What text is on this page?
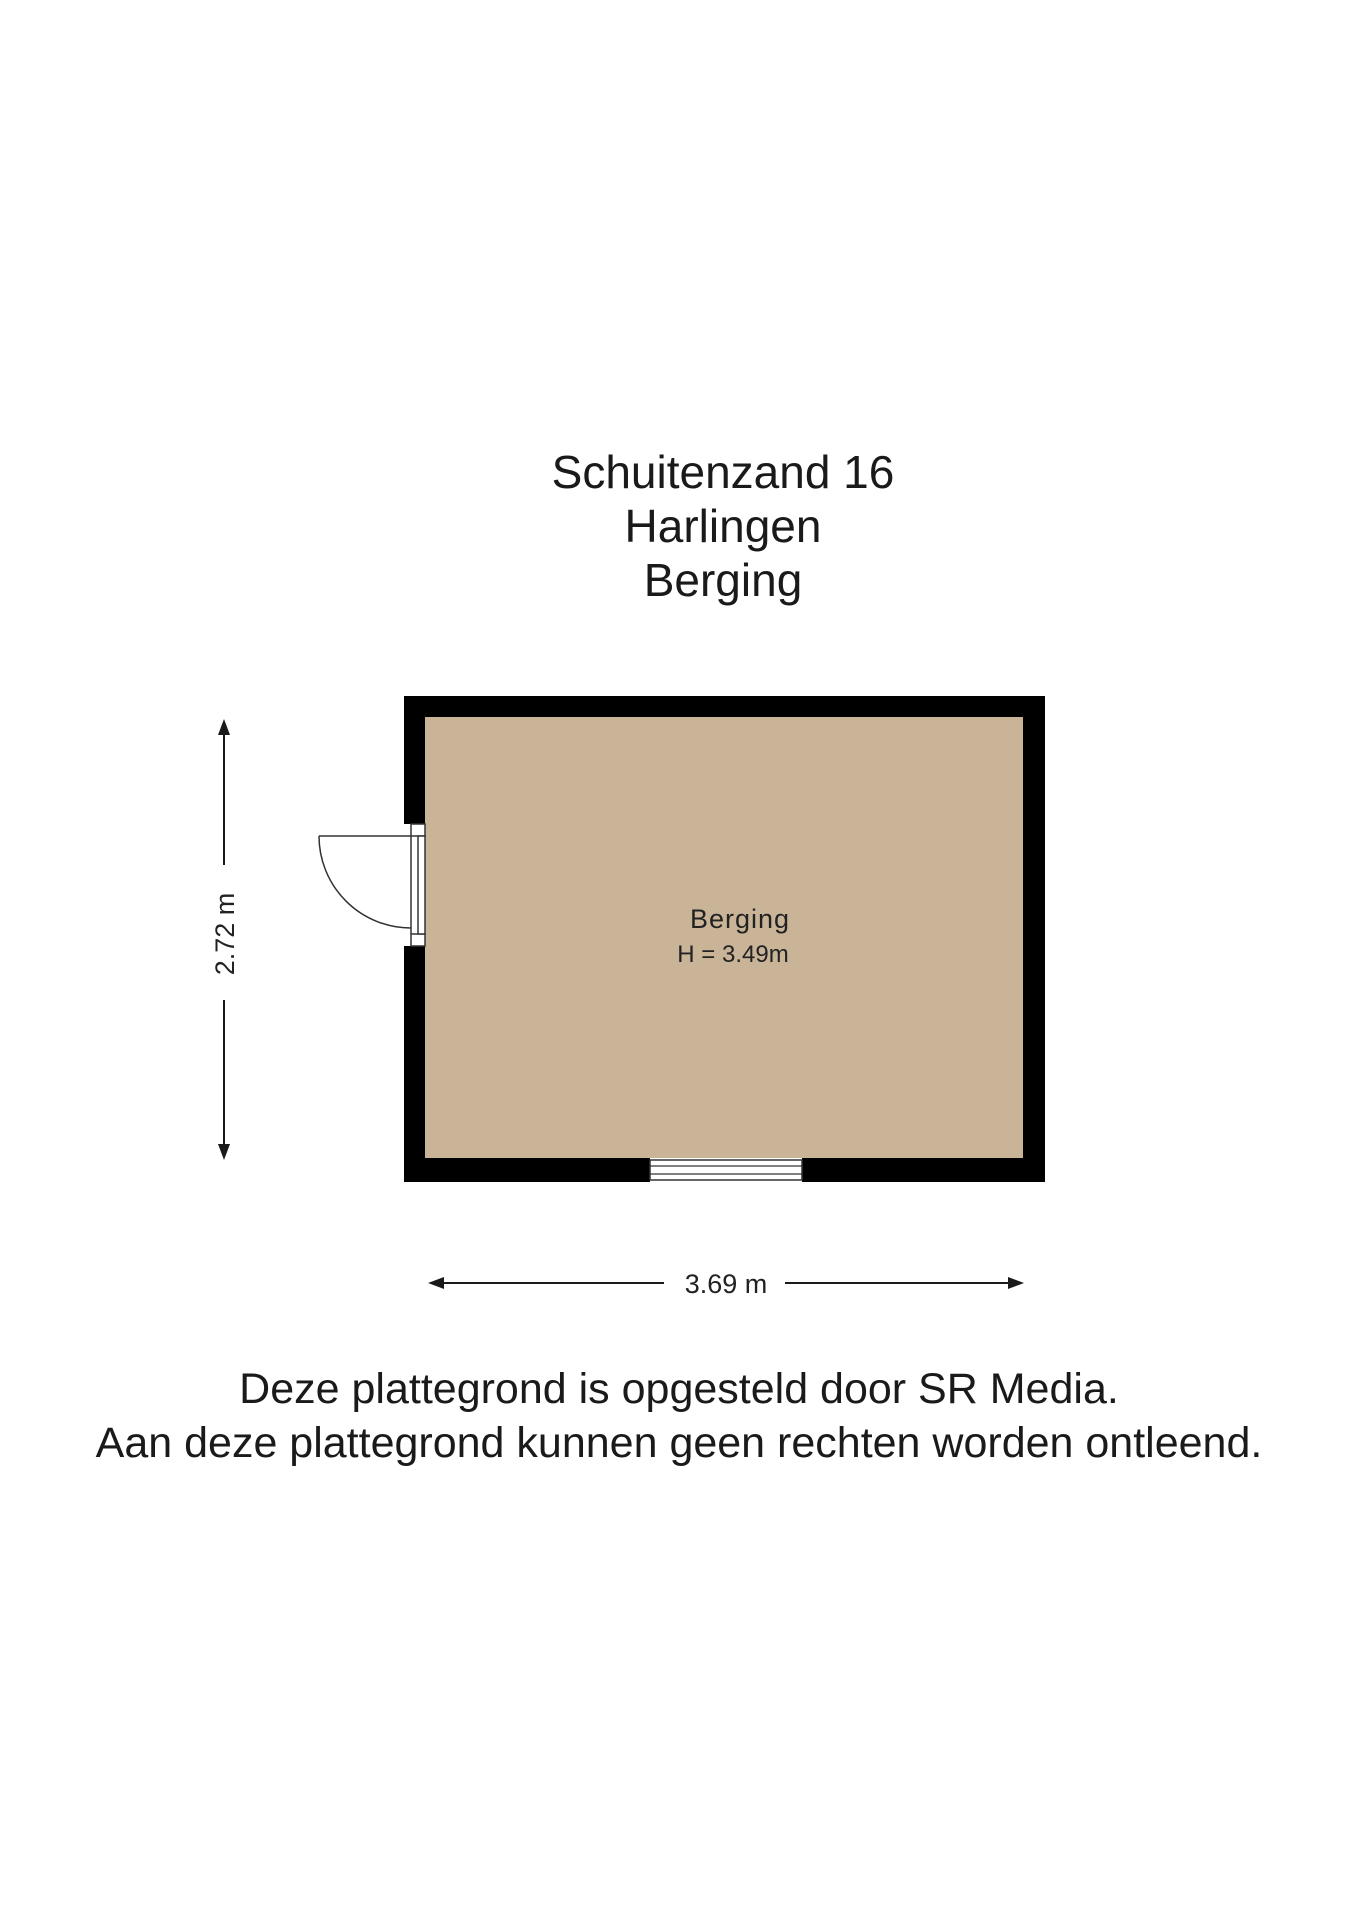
Schuitenzand 16
Harlingen
Berging
Berging
H = 3.49m
3.69 m
2.72 m
Deze plattegrond is opgesteld door SR Media.
Aan deze plattegrond kunnen geen rechten worden ontleend.
